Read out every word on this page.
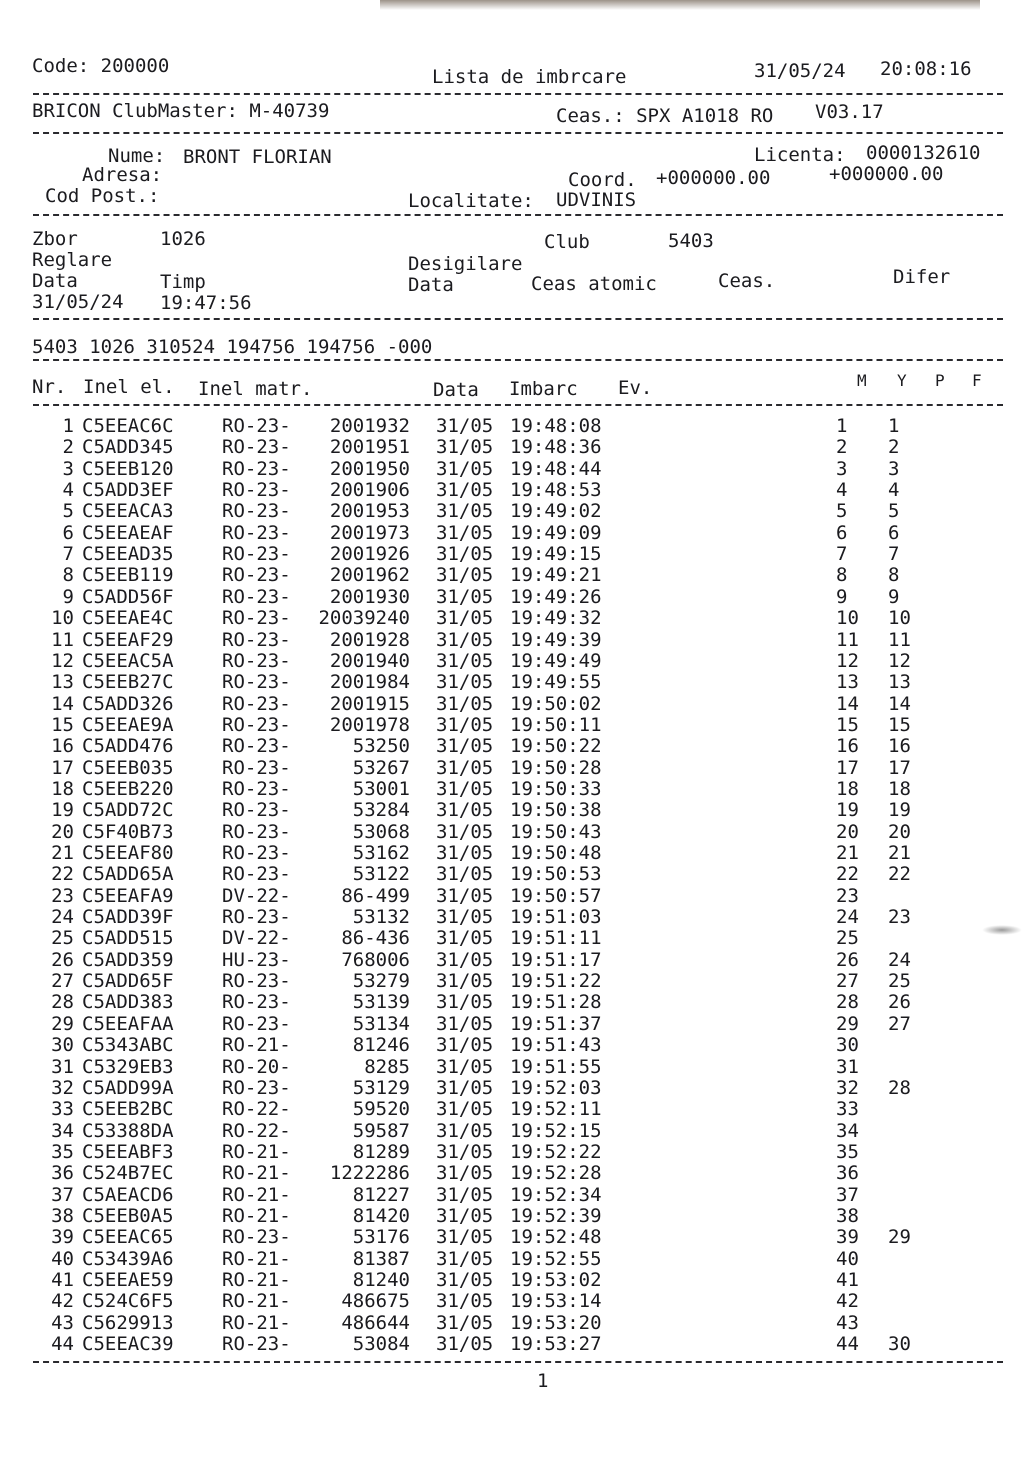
Code: 200000	Lista de imbrcare	31/05/24 20:08:16
BRICON ClubMaster: M-40739	Ceas.: SPX A1018 RO V03.17
Nume: BRONT FLORIAN	Licenta: 0000132610
Adresa:	Coord. +000000.00	+000000.00
Cod Post.:	Localitate: UDVINIS
Zbor	1026	Club	5403
Reglare	Desigilare
Data	Timp	Data	Ceas atomic	Ceas.	Difer
31/05/24 19:47:56
5403 1026 310524 194756 194756 -000
Nr. Inel el. Inel matr.	Data Imbarc Ev.	M Y P F
1 C5EEAC6C	RO-23-	2001932 31/05 19:48:08	1	1
2 C5ADD345	RO-23-	2001951 31/05 19:48:36	2	2
3 C5EEB120	RO-23-	2001950 31/05 19:48:44	3	3
4 C5ADD3EF	RO-23-	2001906 31/05 19:48:53	4	4
5 C5EEACA3	RO-23-	2001953 31/05 19:49:02	5	5
6 C5EEAEAF	RO-23-	2001973 31/05 19:49:09	6	6
7 C5EEAD35	RO-23-	2001926 31/05 19:49:15	7	7
8 C5EEB119	RO-23-	2001962 31/05 19:49:21	8	8
9 C5ADD56F	RO-23-	2001930 31/05 19:49:26	9	9
10 C5EEAE4C	RO-23-	20039240 31/05 19:49:32	10	10
11 C5EEAF29	RO-23-	2001928 31/05 19:49:39	11	11
12 C5EEAC5A	RO-23-	2001940 31/05 19:49:49	12	12
13 C5EEB27C	RO-23-	2001984 31/05 19:49:55	13	13
14 C5ADD326	RO-23-	2001915 31/05 19:50:02	14	14
15 C5EEAE9A	RO-23-	2001978 31/05 19:50:11	15	15
16 C5ADD476	RO-23-	53250 31/05 19:50:22	16	16
17 C5EEB035	RO-23-	53267 31/05 19:50:28	17	17
18 C5EEB220	RO-23-	53001 31/05 19:50:33	18	18
19 C5ADD72C	RO-23-	53284 31/05 19:50:38	19	19
20 C5F40B73	RO-23-	53068 31/05 19:50:43	20	20
21 C5EEAF80	RO-23-	53162 31/05 19:50:48	21	21
22 C5ADD65A	RO-23-	53122 31/05 19:50:53	22	22
23 C5EEAFA9	DV-22-	86-499 31/05 19:50:57	23
24 C5ADD39F	RO-23-	53132 31/05 19:51:03	24	23
25 C5ADD515	DV-22-	86-436 31/05 19:51:11	25
26 C5ADD359	HU-23-	768006 31/05 19:51:17	26	24
27 C5ADD65F	RO-23-	53279 31/05 19:51:22	27	25
28 C5ADD383	RO-23-	53139 31/05 19:51:28	28	26
29 C5EEAFAA	RO-23-	53134 31/05 19:51:37	29	27
30 C5343ABC	RO-21-	81246 31/05 19:51:43	30
31 C5329EB3	RO-20-	8285 31/05 19:51:55	31
32 C5ADD99A	RO-23-	53129 31/05 19:52:03	32	28
33 C5EEB2BC	RO-22-	59520 31/05 19:52:11	33
34 C53388DA	RO-22-	59587 31/05 19:52:15	34
35 C5EEABF3	RO-21-	81289 31/05 19:52:22	35
36 C524B7EC	RO-21-	1222286 31/05 19:52:28	36
37 C5AEACD6	RO-21-	81227 31/05 19:52:34	37
38 C5EEB0A5	RO-21-	81420 31/05 19:52:39	38
39 C5EEAC65	RO-23-	53176 31/05 19:52:48	39	29
40 C53439A6	RO-21-	81387 31/05 19:52:55	40
41 C5EEAE59	RO-21-	81240 31/05 19:53:02	41
42 C524C6F5	RO-21-	486675 31/05 19:53:14	42
43 C5629913	RO-21-	486644 31/05 19:53:20	43
44 C5EEAC39	RO-23-	53084 31/05 19:53:27	44	30
1
